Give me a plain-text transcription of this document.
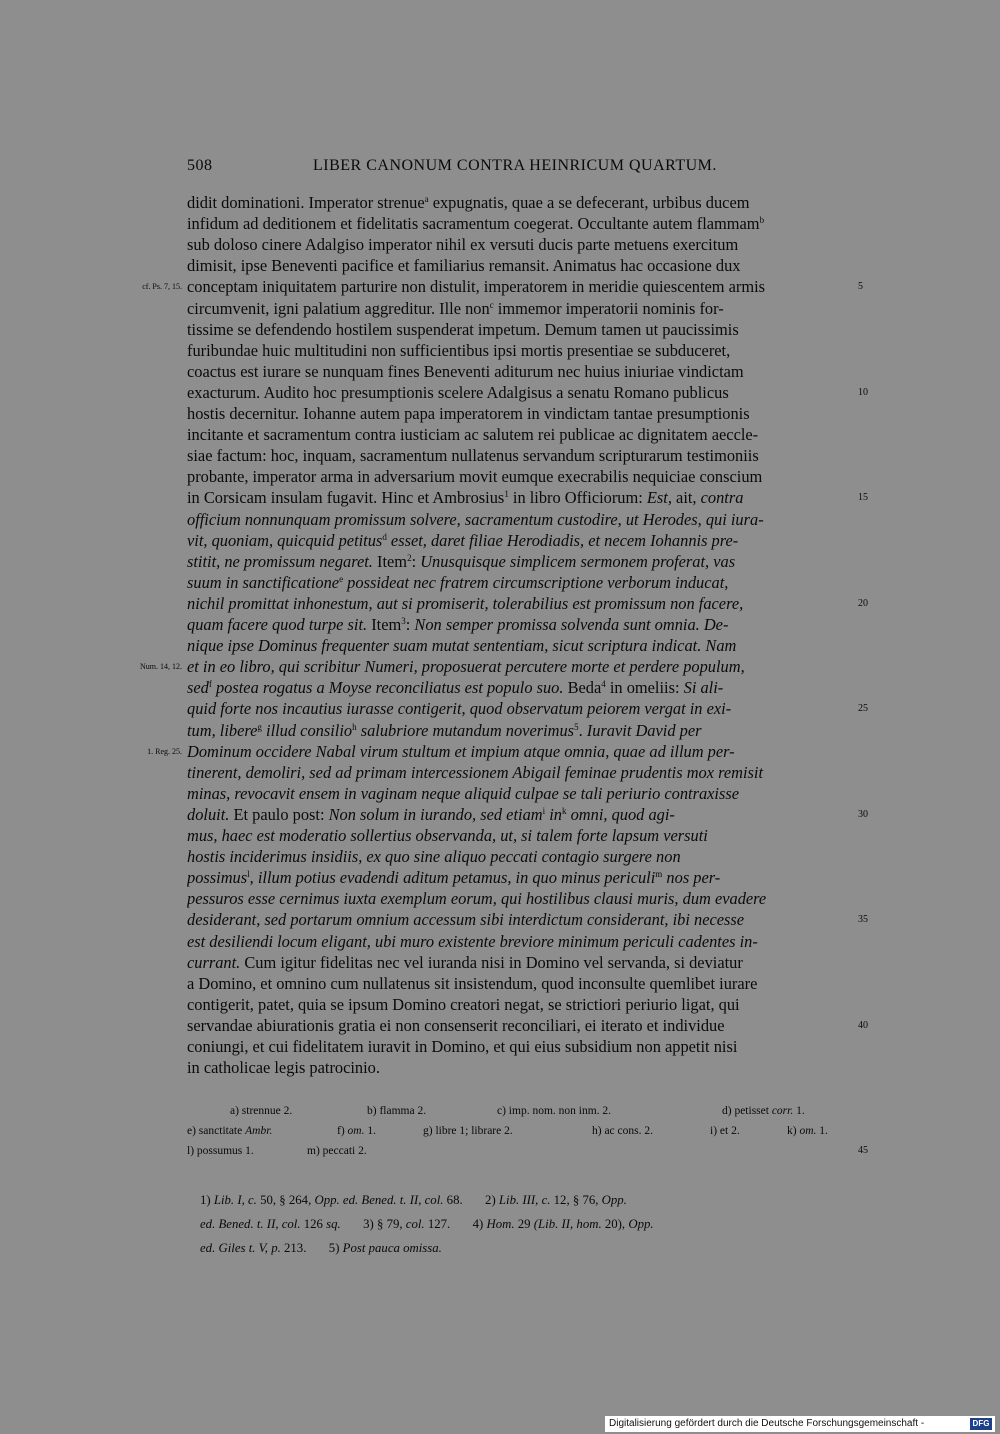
508	LIBER CANONUM CONTRA HEINRICUM QUARTUM.
didit dominationi. Imperator strenue$^a$ expugnatis, quae a se defecerant, urbibus ducem
infidum ad deditionem et fidelitatis sacramentum coegerat. Occultante autem flammam$^b$
sub doloso cinere Adalgiso imperator nihil ex versuti ducis parte metuens exercitum
dimisit, ipse Beneventi pacifice et familiarius remansit. Animatus hac occasione dux
conceptam iniquitatem parturire non distulit, imperatorem in meridie quiescentem armis
circumvenit, igni palatium aggreditur. Ille non$^c$ immemor imperatorii nominis for-
tissime se defendendo hostilem suspenderat impetum. Demum tamen ut paucissimis
furibundae huic multitudini non sufficientibus ipsi mortis presentiae se subduceret,
coactus est iurare se nunquam fines Beneventi aditurum nec huius iniuriae vindictam
exacturum. Audito hoc presumptionis scelere Adalgisus a senatu Romano publicus
hostis decernitur. Iohanne autem papa imperatorem in vindictam tantae presumptionis
incitante et sacramentum contra iusticiam ac salutem rei publicae ac dignitatem aeccle-
siae factum: hoc, inquam, sacramentum nullatenus servandum scripturarum testimoniis
probante, imperator arma in adversarium movit eumque execrabilis nequiciae conscium
in Corsicam insulam fugavit. Hinc et Ambrosius$^1$ in libro Officiorum: Est, ait, contra
officium nonnunquam promissum solvere, sacramentum custodire, ut Herodes, qui iura-
vit, quoniam, quicquid petitus$^d$ esset, daret filiae Herodiadis, et necem Iohannis pre-
stitit, ne promissum negaret. Item$^2$: Unusquisque simplicem sermonem proferat, vas
suum in sanctificatione$^e$ possideat nec fratrem circumscriptione verborum inducat,
nichil promittat inhonestum, aut si promiserit, tolerabilius est promissum non facere,
quam facere quod turpe sit. Item$^3$: Non semper promissa solvenda sunt omnia. De-
nique ipse Dominus frequenter suam mutat sententiam, sicut scriptura indicat. Nam
et in eo libro, qui scribitur Numeri, proposuerat percutere morte et perdere populum,
sed$^f$ postea rogatus a Moyse reconciliatus est populo suo. Beda$^4$ in omeliis: Si ali-
quid forte nos incautius iurasse contigerit, quod observatum peiorem vergat in exi-
tum, libere$^g$ illud consilio$^h$ salubriore mutandum noverimus$^5$. Iuravit David per
Dominum occidere Nabal virum stultum et impium atque omnia, quae ad illum per-
tinerent, demoliri, sed ad primam intercessionem Abigail feminae prudentis mox remisit
minas, revocavit ensem in vaginam neque aliquid culpae se tali periurio contraxisse
doluit. Et paulo post: Non solum in iurando, sed etiam$^i$ $in^k$ omni, quod agi-
mus, haec est moderatio sollertius observanda, ut, si talem forte lapsum versuti
hostis inciderimus insidiis, ex quo sine aliquo peccati contagio surgere non
possimus$^l$, illum potius evadendi aditum petamus, in quo minus periculi$^m$ nos per-
pessuros esse cernimus iuxta exemplum eorum, qui hostilibus clausi muris, dum evadere
desiderant, sed portarum omnium accessum sibi interdictum considerant, ibi necesse
est desiliendi locum eligant, ubi muro existente breviore minimum periculi cadentes in-
currant. Cum igitur fidelitas nec vel iuranda nisi in Domino vel servanda, si deviatur
a Domino, et omnino cum nullatenus sit insistendum, quod inconsulte quemlibet iurare
contigerit, patet, quia se ipsum Domino creatori negat, se strictiori periurio ligat, qui
servandae abiurationis gratia ei non consenserit reconciliari, ei iterato et individue
coniungi, et cui fidelitatem iuravit in Domino, et qui eius subsidium non appetit nisi
in catholicae legis patrocinio.
5
10
15
20
25
30
35
40
45
cf. Ps. 7, 15.
Num. 14, 12.
1. Reg. 25.
a) strennue 2.	b) flamma 2.	c) imp. nom. non inm. 2.	d) petisset corr. 1.
e) sanctitate Ambr.	f) om. 1.	g) libre 1; librare 2.	h) ac cons. 2.	i) et 2.	k) om. 1.
l) possumus 1.	m) peccati 2.
1) Lib. I, c. 50, § 264, Opp. ed. Bened. t. II, col. 68.       2) Lib. III, c. 12, § 76, Opp.
ed. Bened. t. II, col. 126 sq.       3) § 79, col. 127.       4) Hom. 29 (Lib. II, hom. 20), Opp.
ed. Giles t. V, p. 213.       5) Post pauca omissa.
Digitalisierung gefördert durch die Deutsche Forschungsgemeinschaft -	DFG
